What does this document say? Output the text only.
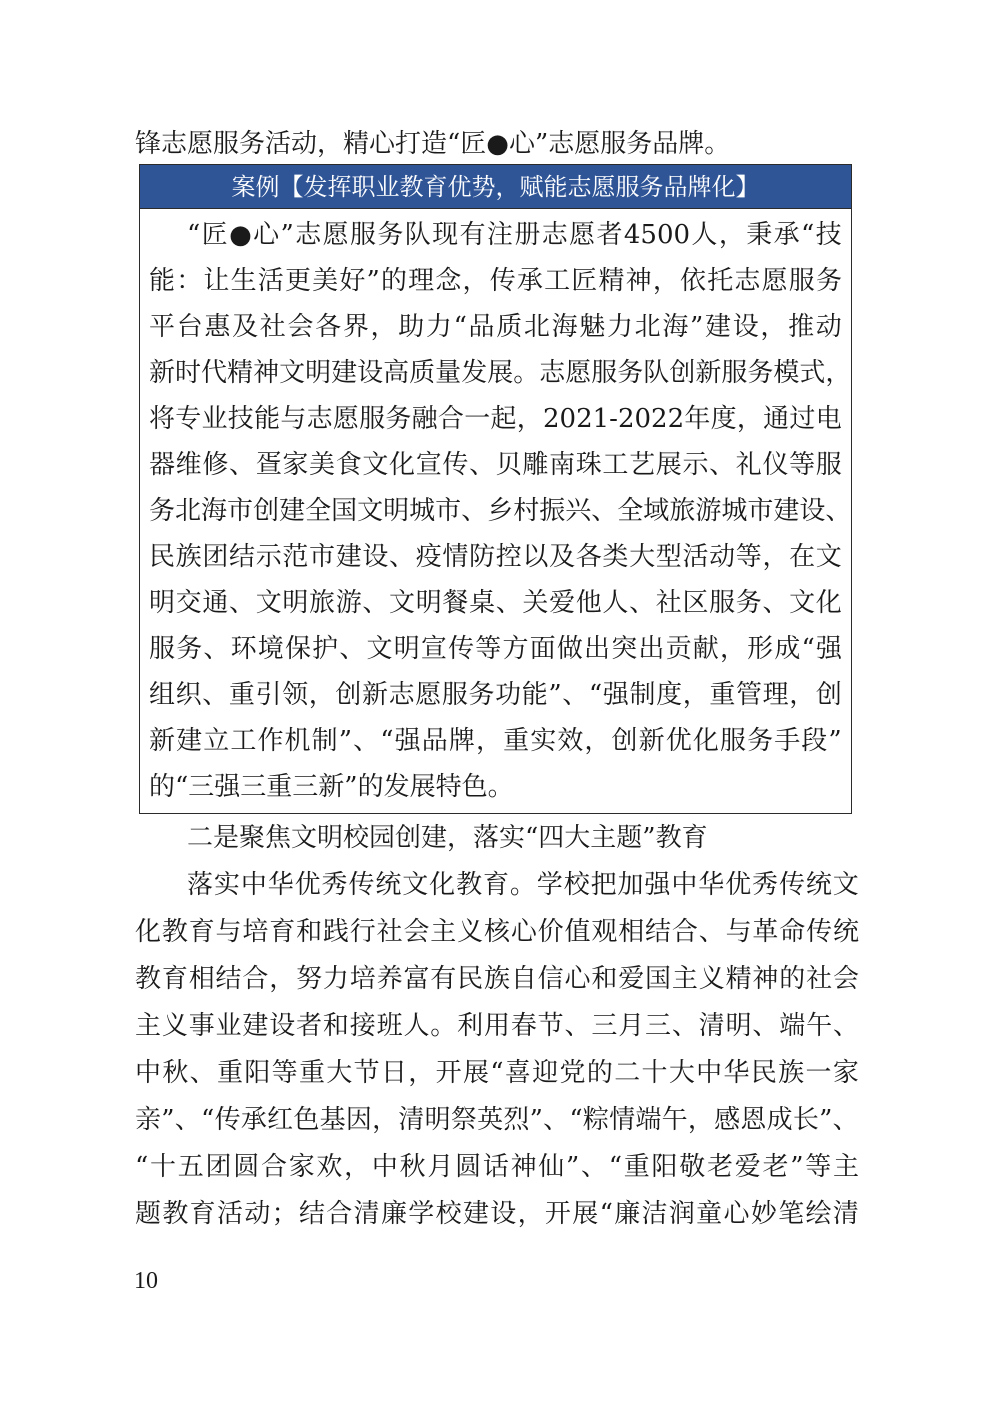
锋志愿服务活动，精心打造“匠●心”志愿服务品牌。
案例【发挥职业教育优势，赋能志愿服务品牌化】
“ 匠 ● 心 ” 志 愿 服 务 队 现 有 注 册 志 愿 者 4500 人 ， 秉 承 “ 技
能 ： 让 生 活 更 美 好 ” 的 理 念 ， 传 承 工 匠 精 神 ， 依 托 志 愿 服 务
平 台 惠 及 社 会 各 界 ， 助 力 “ 品 质 北 海 魅 力 北 海 ” 建 设 ， 推 动
新 时 代 精 神 文 明 建 设 高 质 量 发 展 。 志 愿 服 务 队 创 新 服 务 模 式 ，
将 专 业 技 能 与 志 愿 服 务 融 合 一 起 ， 2021-2022 年 度 ， 通 过 电
器 维 修 、 疍 家 美 食 文 化 宣 传 、 贝 雕 南 珠 工 艺 展 示 、 礼 仪 等 服
务 北 海 市 创 建 全 国 文 明 城 市 、 乡 村 振 兴 、 全 域 旅 游 城 市 建 设 、
民 族 团 结 示 范 市 建 设 、 疫 情 防 控 以 及 各 类 大 型 活 动 等 ， 在 文
明 交 通 、 文 明 旅 游 、 文 明 餐 桌 、 关 爱 他 人 、 社 区 服 务 、 文 化
服 务 、 环 境 保 护 、 文 明 宣 传 等 方 面 做 出 突 出 贡 献 ， 形 成 “ 强
组 织 、 重 引 领 ， 创 新 志 愿 服 务 功 能 ” 、 “ 强 制 度 ， 重 管 理 ， 创
新 建 立 工 作 机 制 ” 、 “ 强 品 牌 ， 重 实 效 ， 创 新 优 化 服 务 手 段 ”
的“三强三重三新”的发展特色。
二是聚焦文明校园创建，落实“四大主题”教育
落 实 中 华 优 秀 传 统 文 化 教 育 。 学 校 把 加 强 中 华 优 秀 传 统 文
化 教 育 与 培 育 和 践 行 社 会 主 义 核 心 价 值 观 相 结 合 、 与 革 命 传 统
教 育 相 结 合 ， 努 力 培 养 富 有 民 族 自 信 心 和 爱 国 主 义 精 神 的 社 会
主 义 事 业 建 设 者 和 接 班 人 。 利 用 春 节 、 三 月 三 、 清 明 、 端 午 、
中 秋 、 重 阳 等 重 大 节 日 ， 开 展 “ 喜 迎 党 的 二 十 大 中 华 民 族 一 家
亲 ” 、 “ 传 承 红 色 基 因 ， 清 明 祭 英 烈 ” 、 “ 粽 情 端 午 ， 感 恩 成 长 ” 、
“ 十 五 团 圆 合 家 欢 ， 中 秋 月 圆 话 神 仙 ” 、 “ 重 阳 敬 老 爱 老 ” 等 主
题 教 育 活 动 ； 结 合 清 廉 学 校 建 设 ， 开 展 “ 廉 洁 润 童 心 妙 笔 绘 清
10
